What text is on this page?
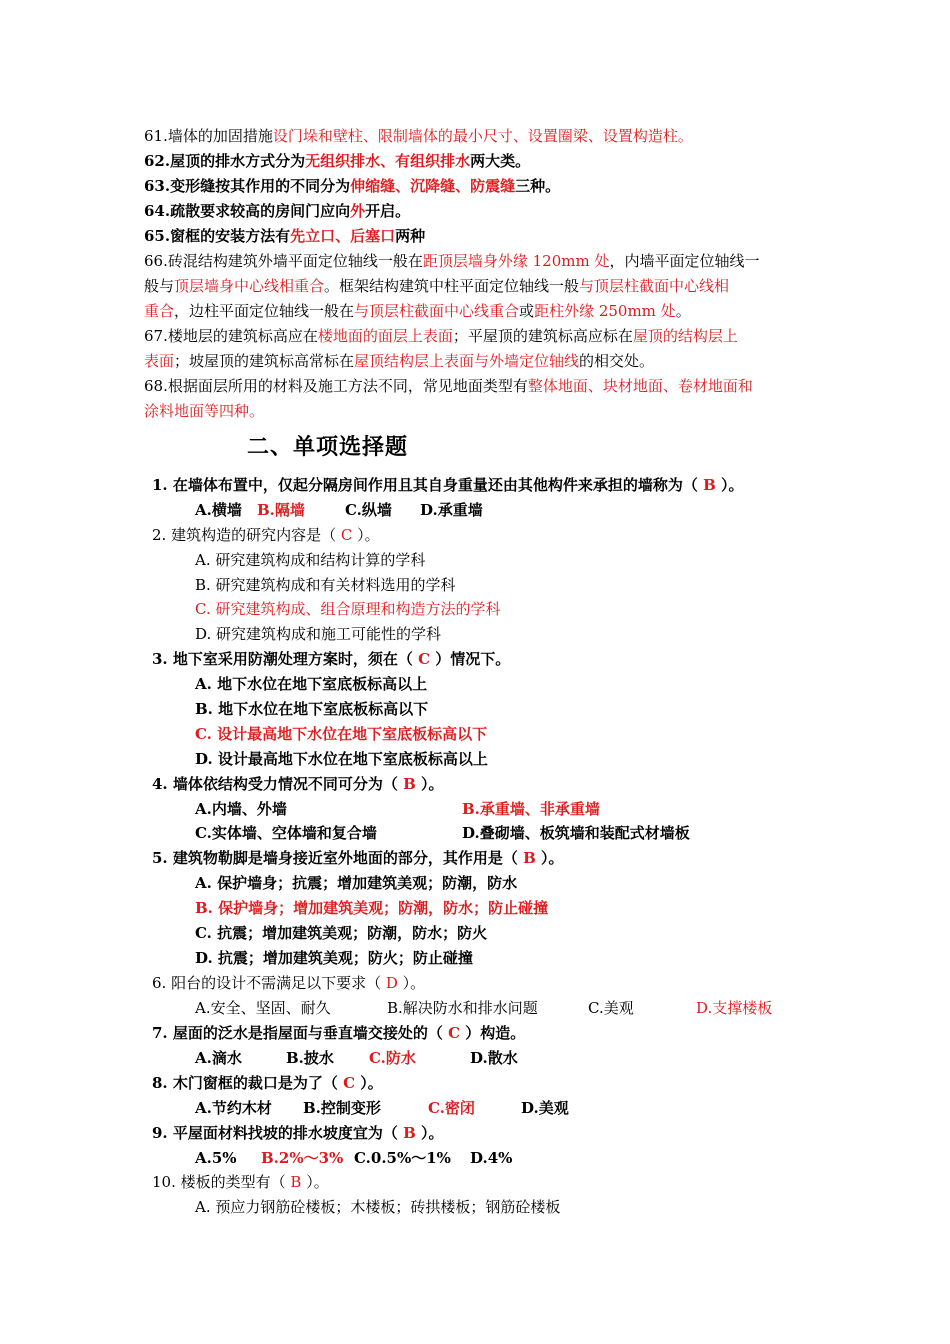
61.墙体的加固措施设门垛和壁柱、限制墙体的最小尺寸、设置圈梁、设置构造柱。
62.屋顶的排水方式分为无组织排水、有组织排水两大类。
63.变形缝按其作用的不同分为伸缩缝、沉降缝、防震缝三种。
64.疏散要求较高的房间门应向外开启。
65.窗框的安装方法有先立口、后塞口两种
66.砖混结构建筑外墙平面定位轴线一般在距顶层墙身外缘 120mm 处，内墙平面定位轴线一
般与顶层墙身中心线相重合。框架结构建筑中柱平面定位轴线一般与顶层柱截面中心线相
重合，边柱平面定位轴线一般在与顶层柱截面中心线重合或距柱外缘 250mm 处。
67.楼地层的建筑标高应在楼地面的面层上表面；平屋顶的建筑标高应标在屋顶的结构层上
表面；坡屋顶的建筑标高常标在屋顶结构层上表面与外墙定位轴线的相交处。
68.根据面层所用的材料及施工方法不同，常见地面类型有整体地面、块材地面、卷材地面和
涂料地面等四种。
二、单项选择题
1. 在墙体布置中，仅起分隔房间作用且其自身重量还由其他构件来承担的墙称为（ B ）。
A.横墙 B.隔墙	C.纵墙 D.承重墙
2. 建筑构造的研究内容是（ C ）。
A. 研究建筑构成和结构计算的学科
B. 研究建筑构成和有关材料选用的学科
C. 研究建筑构成、组合原理和构造方法的学科
D. 研究建筑构成和施工可能性的学科
3. 地下室采用防潮处理方案时，须在（ C ）情况下。
A. 地下水位在地下室底板标高以上
B. 地下水位在地下室底板标高以下
C. 设计最高地下水位在地下室底板标高以下
D. 设计最高地下水位在地下室底板标高以上
4. 墙体依结构受力情况不同可分为（ B ）。
A.内墙、外墙	B.承重墙、非承重墙
C.实体墙、空体墙和复合墙	D.叠砌墙、板筑墙和装配式材墙板
5. 建筑物勒脚是墙身接近室外地面的部分，其作用是（ B ）。
A. 保护墙身；抗震；增加建筑美观；防潮，防水
B. 保护墙身；增加建筑美观；防潮，防水；防止碰撞
C. 抗震；增加建筑美观；防潮，防水；防火
D. 抗震；增加建筑美观；防火；防止碰撞
6. 阳台的设计不需满足以下要求（ D ）。
A.安全、坚固、耐久	B.解决防水和排水问题	C.美观	D.支撑楼板
7. 屋面的泛水是指屋面与垂直墙交接处的（ C ）构造。
A.滴水	B.披水 C.防水	D.散水
8. 木门窗框的裁口是为了（ C ）。
A.节约木材 B.控制变形	C.密闭	D.美观
9. 平屋面材料找坡的排水坡度宜为（ B ）。
A.5% B.2%～3% C.0.5%～1% D.4%
10. 楼板的类型有（ B ）。
A. 预应力钢筋砼楼板；木楼板；砖拱楼板；钢筋砼楼板
